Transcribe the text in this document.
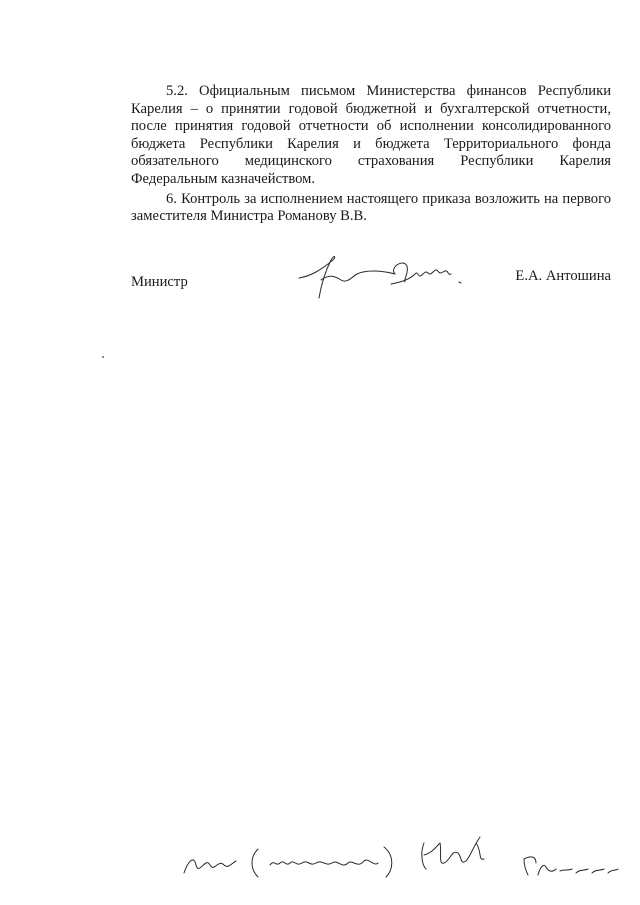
5.2. Официальным письмом Министерства финансов Республики Карелия – о принятии годовой бюджетной и бухгалтерской отчетности, после принятия годовой отчетности об исполнении консолидированного бюджета Республики Карелия и бюджета Территориального фонда обязательного медицинского страхования Республики Карелия Федеральным казначейством.

6. Контроль за исполнением настоящего приказа возложить на первого заместителя Министра Романову В.В.

Министр	Е.А. Антошина
